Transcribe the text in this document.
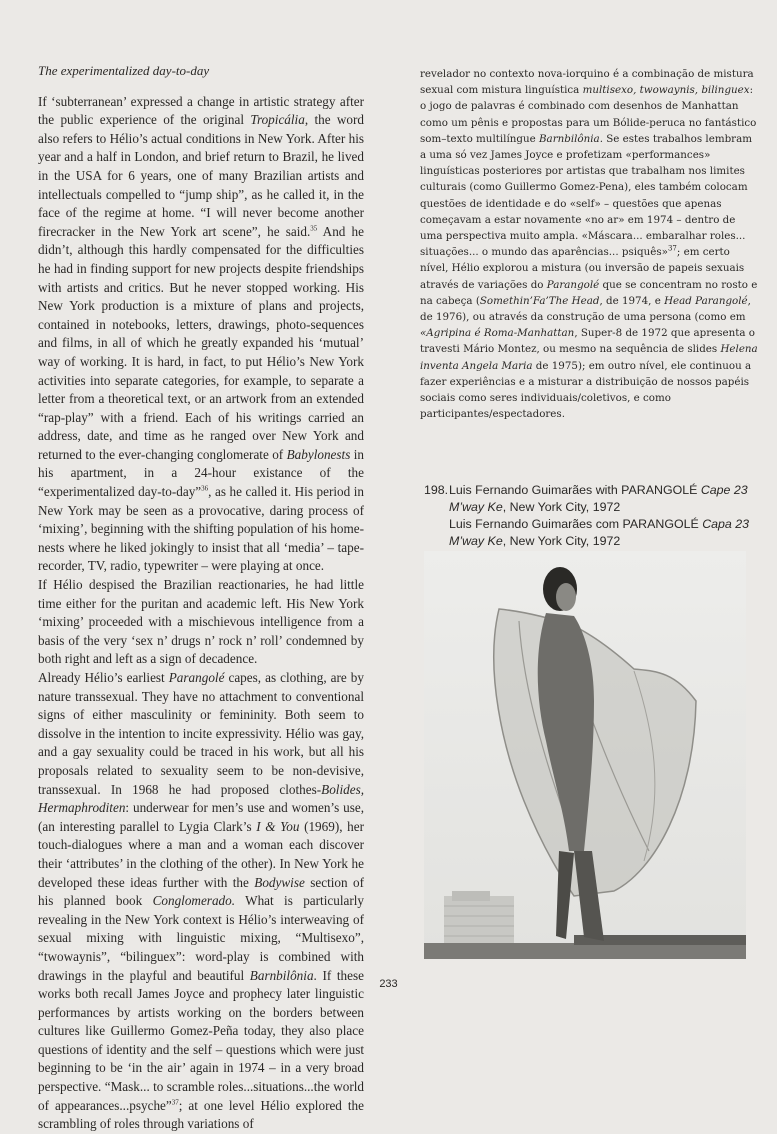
The experimentalized day-to-day

If ‘subterranean’ expressed a change in artistic strategy after the public experience of the original Tropicália, the word also refers to Hélio’s actual conditions in New York. After his year and a half in London, and brief return to Brazil, he lived in the USA for 6 years, one of many Brazilian artists and intellectuals compelled to “jump ship”, as he called it, in the face of the regime at home. “I will never become another firecracker in the New York art scene”, he said.$^{35}$ And he didn’t, although this hardly compensated for the difficulties he had in finding support for new projects despite friendships with artists and critics. But he never stopped working. His New York production is a mixture of plans and projects, contained in notebooks, letters, drawings, photo-sequences and films, in all of which he greatly expanded his ‘mutual’ way of working. It is hard, in fact, to put Hélio’s New York activities into separate categories, for example, to separate a letter from a theoretical text, or an artwork from an extended “rap-play” with a friend. Each of his writings carried an address, date, and time as he ranged over New York and returned to the ever-changing conglomerate of Babylonests in his apartment, in a 24-hour existance of the “experimentalized day-to-day”$^{36}$, as he called it. His period in New York may be seen as a provocative, daring process of ‘mixing’, beginning with the shifting population of his home-nests where he liked jokingly to insist that all ‘media’ – tape-recorder, TV, radio, typewriter – were playing at once.

If Hélio despised the Brazilian reactionaries, he had little time either for the puritan and academic left. His New York ‘mixing’ proceeded with a mischievous intelligence from a basis of the very ‘sex n’ drugs n’ rock n’ roll’ condemned by both right and left as a sign of decadence.

Already Hélio’s earliest Parangolé capes, as clothing, are by nature transsexual. They have no attachment to conventional signs of either masculinity or femininity. Both seem to dissolve in the intention to incite expressivity. Hélio was gay, and a gay sexuality could be traced in his work, but all his proposals related to sexuality seem to be non-devisive, transsexual. In 1968 he had proposed clothes-Bolides, Hermaphroditen: underwear for men’s use and women’s use, (an interesting parallel to Lygia Clark’s I & You (1969), her touch-dialogues where a man and a woman each discover their ‘attributes’ in the clothing of the other). In New York he developed these ideas further with the Bodywise section of his planned book Conglomerado. What is particularly revealing in the New York context is Hélio’s interweaving of sexual mixing with linguistic mixing, “Multisexo”, “twowaynis”, “bilinguex”: word-play is combined with drawings in the playful and beautiful Barnbilônia. If these works both recall James Joyce and prophecy later linguistic performances by artists working on the borders between cultures like Guillermo Gomez-Peña today, they also place questions of identity and the self – questions which were just beginning to be ‘in the air’ again in 1974 – in a very broad perspective. “Mask... to scramble roles...situations...the world of appearances...psyche”$^{37}$; at one level Hélio explored the scrambling of roles through variations of

revelador no contexto nova-iorquino é a combinação de mistura sexual com mistura linguística multisexo, twowaynis, bilinguex: o jogo de palavras é combinado com desenhos de Manhattan como um pênis e propostas para um Bólide-peruca no fantástico som–texto multilíngue Barnbilônia. Se estes trabalhos lembram a uma só vez James Joyce e profetizam «performances» linguísticas posteriores por artistas que trabalham nos limites culturais (como Guillermo Gomez-Pena), eles também colocam questões de identidade e do «self» – questões que apenas começavam a estar novamente «no ar» em 1974 – dentro de uma perspectiva muito ampla. «Máscara... embaralhar roles... situações... o mundo das aparências... psiquês»$^{37}$; em certo nível, Hélio explorou a mistura (ou inversão de papeis sexuais através de variações do Parangolé que se concentram no rosto e na cabeça (Somethin’Fa’The Head, de 1974, e Head Parangolé, de 1976), ou através da construção de uma persona (como em «Agripina é Roma-Manhattan, Super-8 de 1972 que apresenta o travesti Mário Montez, ou mesmo na sequência de slides Helena inventa Angela Maria de 1975); em outro nível, ele continuou a fazer experiências e a misturar a distribuição de nossos papéis sociais como seres individuais/coletivos, e como participantes/espectadores.

198. Luis Fernando Guimarães with PARANGOLÉ Cape 23
M’way Ke, New York City, 1972
Luis Fernando Guimarães com PARANGOLÉ Capa 23
M’way Ke, New York City, 1972
233
